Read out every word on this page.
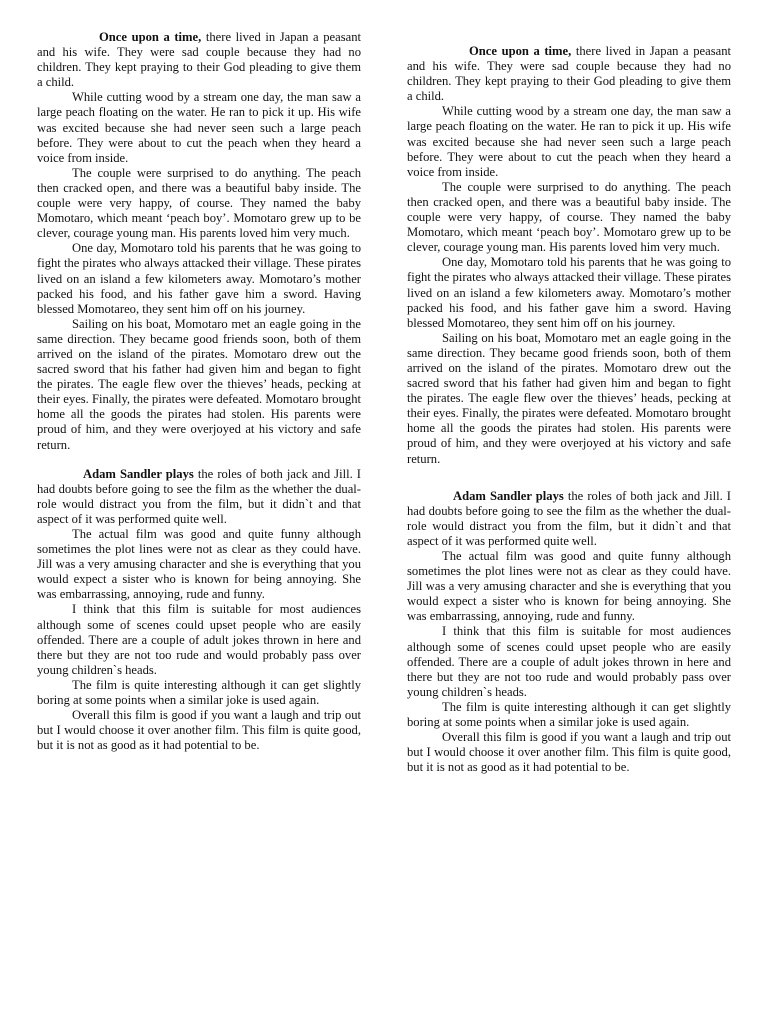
Once upon a time, there lived in Japan a peasant and his wife. They were sad couple because they had no children. They kept praying to their God pleading to give them a child.

While cutting wood by a stream one day, the man saw a large peach floating on the water. He ran to pick it up. His wife was excited because she had never seen such a large peach before. They were about to cut the peach when they heard a voice from inside.

The couple were surprised to do anything. The peach then cracked open, and there was a beautiful baby inside. The couple were very happy, of course. They named the baby Momotaro, which meant ‘peach boy’. Momotaro grew up to be clever, courage young man. His parents loved him very much.

One day, Momotaro told his parents that he was going to fight the pirates who always attacked their village. These pirates lived on an island a few kilometers away. Momotaro’s mother packed his food, and his father gave him a sword. Having blessed Momotareo, they sent him off on his journey.

Sailing on his boat, Momotaro met an eagle going in the same direction. They became good friends soon, both of them arrived on the island of the pirates. Momotaro drew out the sacred sword that his father had given him and began to fight the pirates. The eagle flew over the thieves’ heads, pecking at their eyes. Finally, the pirates were defeated. Momotaro brought home all the goods the pirates had stolen. His parents were proud of him, and they were overjoyed at his victory and safe return.

Adam Sandler plays the roles of both jack and Jill. I had doubts before going to see the film as the whether the dual-role would distract you from the film, but it didn`t and that aspect of it was performed quite well.

The actual film was good and quite funny although sometimes the plot lines were not as clear as they could have. Jill was a very amusing character and she is everything that you would expect a sister who is known for being annoying. She was embarrassing, annoying, rude and funny.

I think that this film is suitable for most audiences although some of scenes could upset people who are easily offended. There are a couple of adult jokes thrown in here and there but they are not too rude and would probably pass over young children`s heads.

The film is quite interesting although it can get slightly boring at some points when a similar joke is used again.

Overall this film is good if you want a laugh and trip out but I would choose it over another film. This film is quite good, but it is not as good as it had potential to be.

Once upon a time, there lived in Japan a peasant and his wife. They were sad couple because they had no children. They kept praying to their God pleading to give them a child.

While cutting wood by a stream one day, the man saw a large peach floating on the water. He ran to pick it up. His wife was excited because she had never seen such a large peach before. They were about to cut the peach when they heard a voice from inside.

The couple were surprised to do anything. The peach then cracked open, and there was a beautiful baby inside. The couple were very happy, of course. They named the baby Momotaro, which meant ‘peach boy’. Momotaro grew up to be clever, courage young man. His parents loved him very much.

One day, Momotaro told his parents that he was going to fight the pirates who always attacked their village. These pirates lived on an island a few kilometers away. Momotaro’s mother packed his food, and his father gave him a sword. Having blessed Momotareo, they sent him off on his journey.

Sailing on his boat, Momotaro met an eagle going in the same direction. They became good friends soon, both of them arrived on the island of the pirates. Momotaro drew out the sacred sword that his father had given him and began to fight the pirates. The eagle flew over the thieves’ heads, pecking at their eyes. Finally, the pirates were defeated. Momotaro brought home all the goods the pirates had stolen. His parents were proud of him, and they were overjoyed at his victory and safe return.

Adam Sandler plays the roles of both jack and Jill. I had doubts before going to see the film as the whether the dual-role would distract you from the film, but it didn`t and that aspect of it was performed quite well.

The actual film was good and quite funny although sometimes the plot lines were not as clear as they could have. Jill was a very amusing character and she is everything that you would expect a sister who is known for being annoying. She was embarrassing, annoying, rude and funny.

I think that this film is suitable for most audiences although some of scenes could upset people who are easily offended. There are a couple of adult jokes thrown in here and there but they are not too rude and would probably pass over young children`s heads.

The film is quite interesting although it can get slightly boring at some points when a similar joke is used again.

Overall this film is good if you want a laugh and trip out but I would choose it over another film. This film is quite good, but it is not as good as it had potential to be.
